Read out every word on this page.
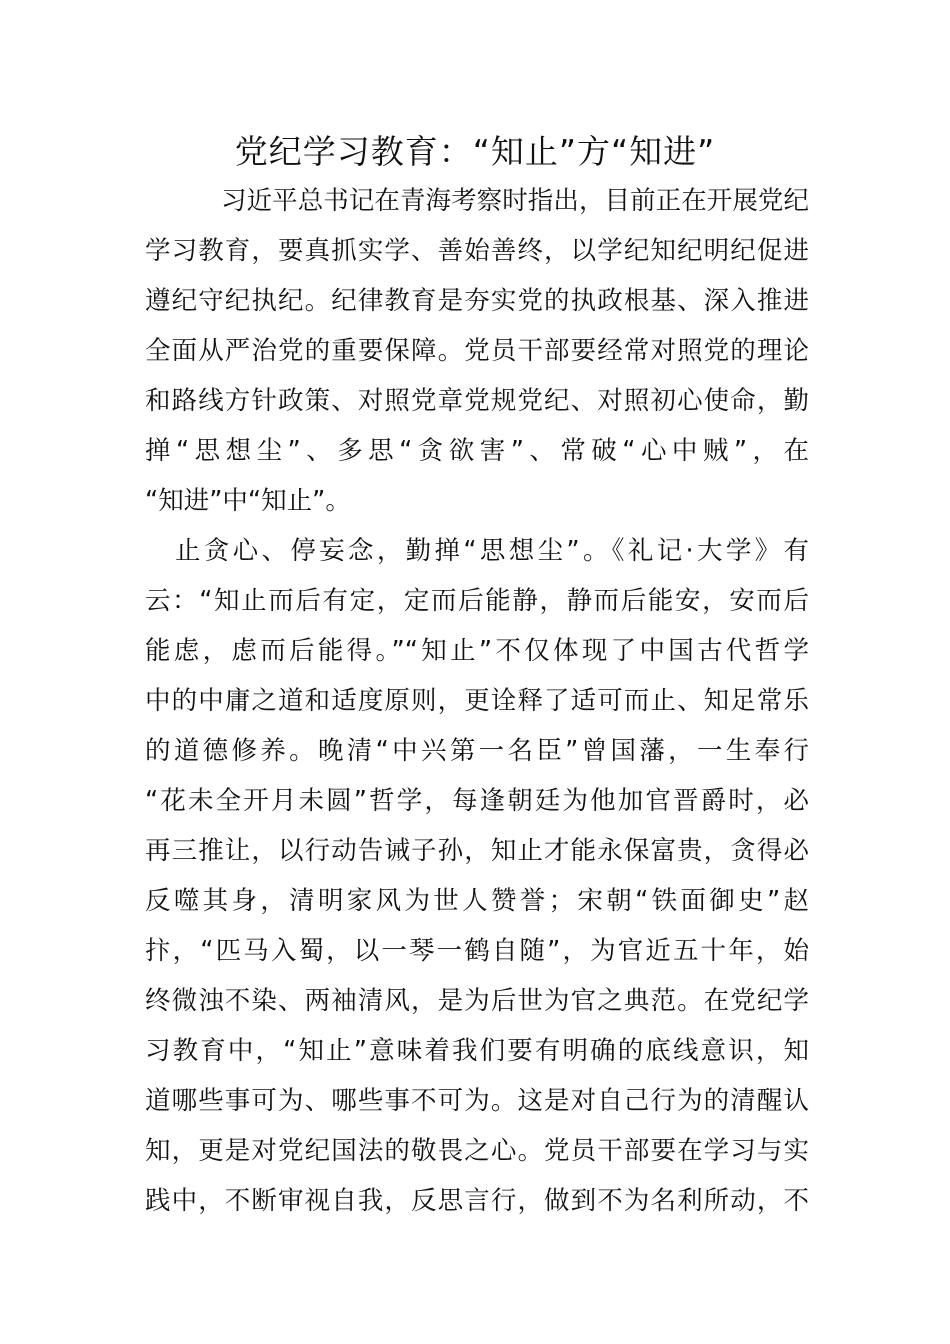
党纪学习教育：“知止”方“知进”
习近平总书记在青海考察时指出，目前正在开展党纪
学习教育，要真抓实学、善始善终，以学纪知纪明纪促进
遵纪守纪执纪。纪律教育是夯实党的执政根基、深入推进
全面从严治党的重要保障。党员干部要经常对照党的理论
和路线方针政策、对照党章党规党纪、对照初心使命，勤
掸“思想尘”、多思“贪欲害”、常破“心中贼”，在
“知进”中“知止”。
止贪心、停妄念，勤掸“思想尘”。《礼记·大学》有
云：“知止而后有定，定而后能静，静而后能安，安而后
能虑，虑而后能得。”“知止”不仅体现了中国古代哲学
中的中庸之道和适度原则，更诠释了适可而止、知足常乐
的道德修养。晚清“中兴第一名臣”曾国藩，一生奉行
“花未全开月未圆”哲学，每逢朝廷为他加官晋爵时，必
再三推让，以行动告诫子孙，知止才能永保富贵，贪得必
反噬其身，清明家风为世人赞誉；宋朝“铁面御史”赵
抃，“匹马入蜀，以一琴一鹤自随”，为官近五十年，始
终微浊不染、两袖清风，是为后世为官之典范。在党纪学
习教育中，“知止”意味着我们要有明确的底线意识，知
道哪些事可为、哪些事不可为。这是对自己行为的清醒认
知，更是对党纪国法的敬畏之心。党员干部要在学习与实
践中，不断审视自我，反思言行，做到不为名利所动，不
